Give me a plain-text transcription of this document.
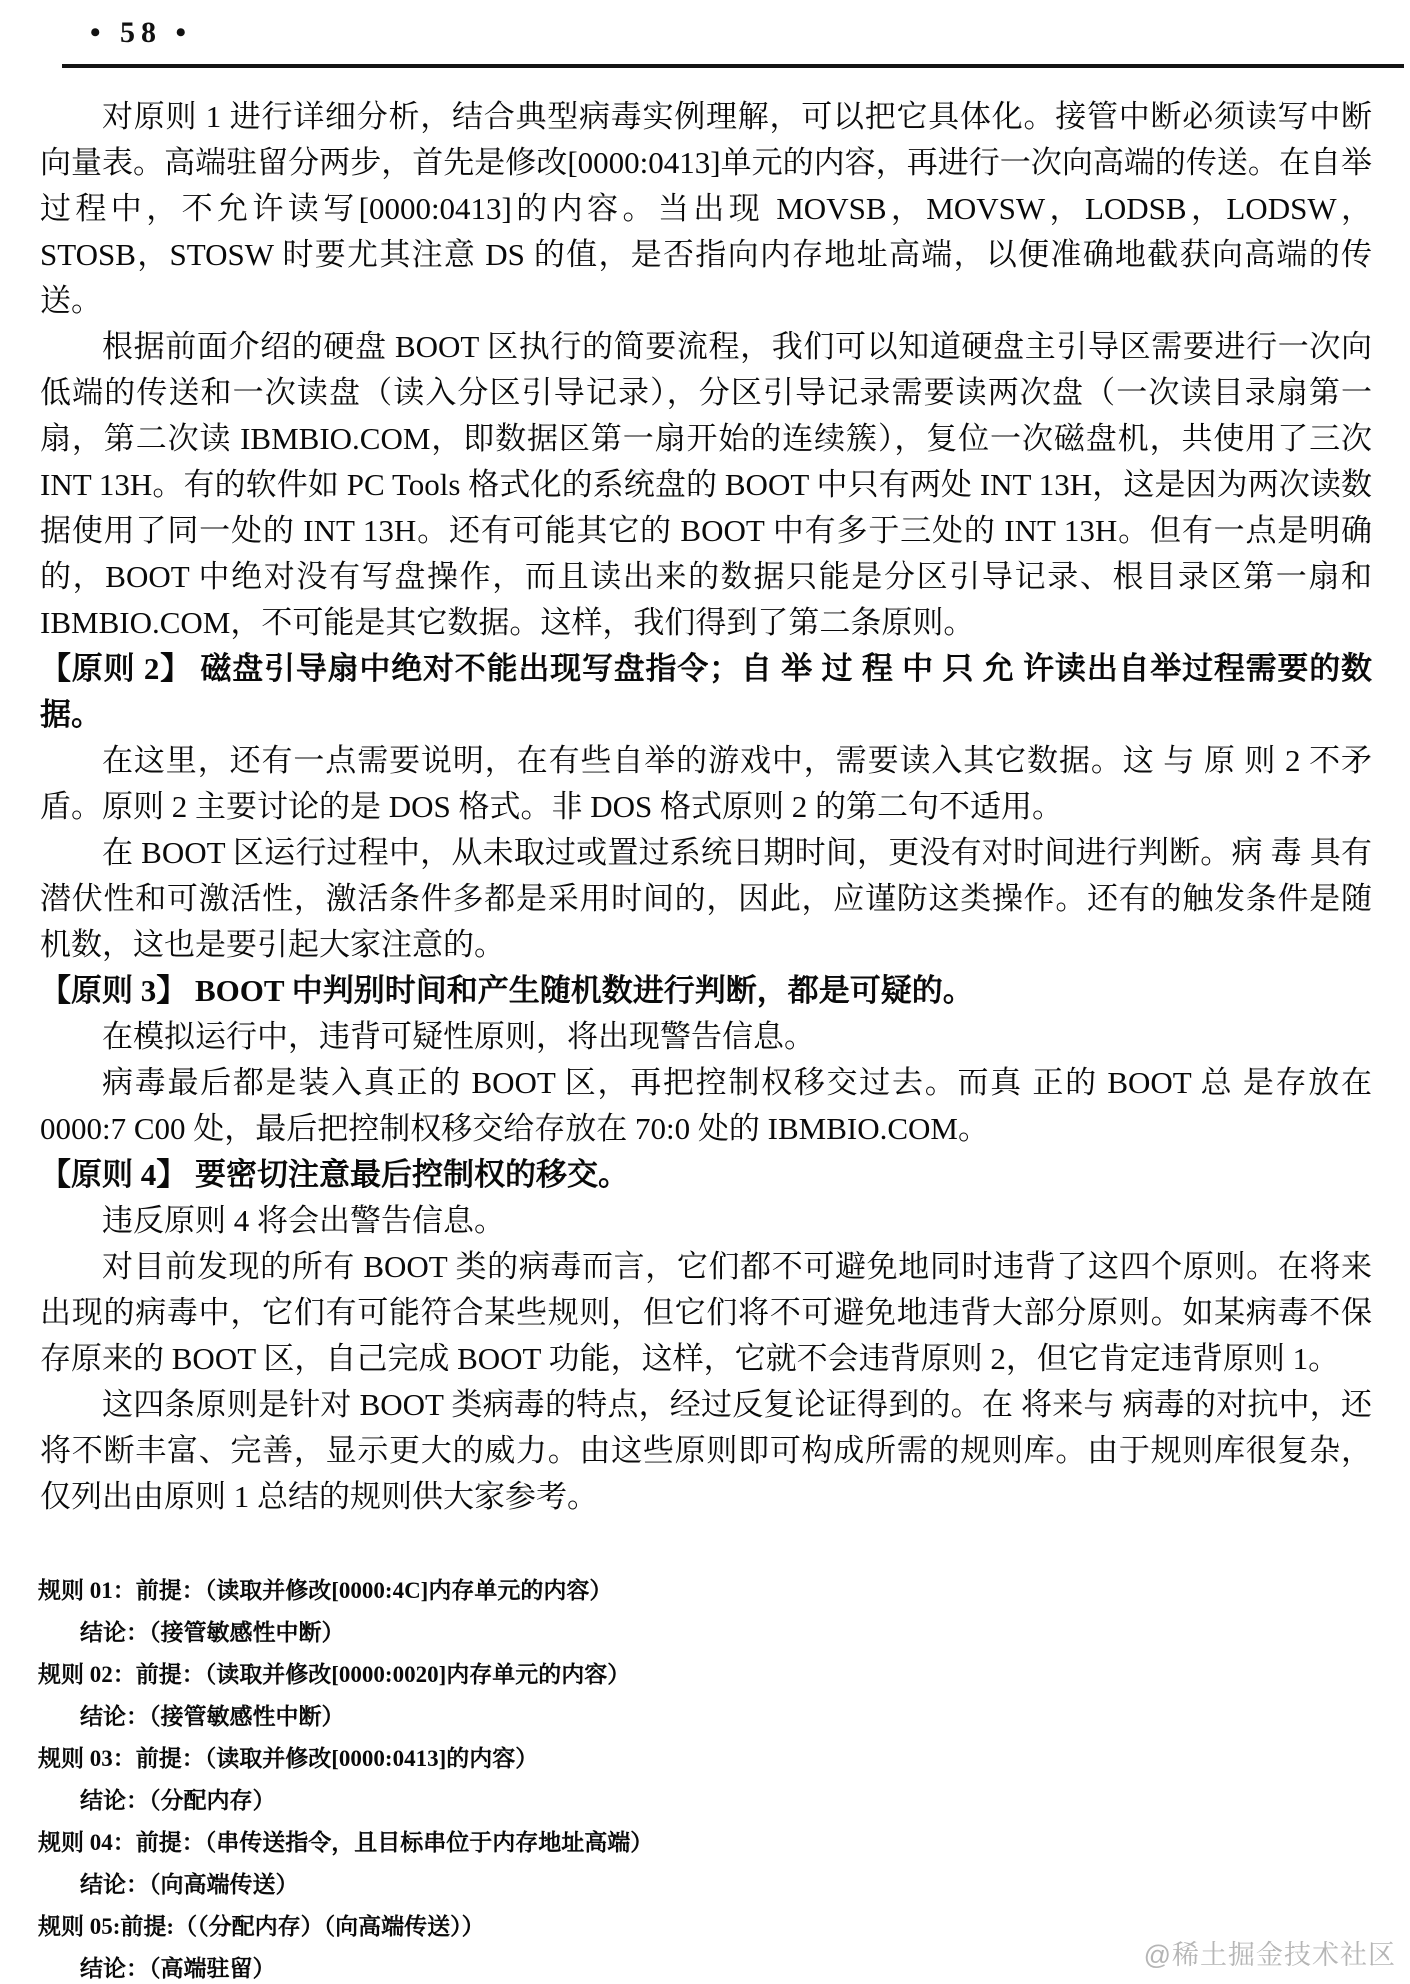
• 58 •

对原则 1 进行详细分析，结合典型病毒实例理解，可以把它具体化。接管中断必须读写中断向量表。高端驻留分两步，首先是修改[0000:0413]单元的内容，再进行一次向高端的传送。在自举过程中，不允许读写[0000:0413]的内容。当出现 MOVSB，MOVSW，LODSB，LODSW，STOSB，STOSW 时要尤其注意 DS 的值，是否指向内存地址高端，以便准确地截获向高端的传送。

根据前面介绍的硬盘 BOOT 区执行的简要流程，我们可以知道硬盘主引导区需要进行一次向低端的传送和一次读盘（读入分区引导记录），分区引导记录需要读两次盘（一次读目录扇第一扇，第二次读 IBMBIO.COM，即数据区第一扇开始的连续簇），复位一次磁盘机，共使用了三次 INT 13H。有的软件如 PC Tools 格式化的系统盘的 BOOT 中只有两处 INT 13H，这是因为两次读数据使用了同一处的 INT 13H。还有可能其它的 BOOT 中有多于三处的 INT 13H。但有一点是明确的，BOOT 中绝对没有写盘操作，而且读出来的数据只能是分区引导记录、根目录区第一扇和 IBMBIO.COM，不可能是其它数据。这样，我们得到了第二条原则。

【原则 2】 磁盘引导扇中绝对不能出现写盘指令；自 举 过 程 中 只 允 许读出自举过程需要的数据。

在这里，还有一点需要说明，在有些自举的游戏中，需要读入其它数据。这 与 原 则 2 不矛盾。原则 2 主要讨论的是 DOS 格式。非 DOS 格式原则 2 的第二句不适用。

在 BOOT 区运行过程中，从未取过或置过系统日期时间，更没有对时间进行判断。病 毒 具有潜伏性和可激活性，激活条件多都是采用时间的，因此，应谨防这类操作。还有的触发条件是随机数，这也是要引起大家注意的。

【原则 3】 BOOT 中判别时间和产生随机数进行判断，都是可疑的。

在模拟运行中，违背可疑性原则，将出现警告信息。

病毒最后都是装入真正的 BOOT 区，再把控制权移交过去。而真 正的 BOOT 总 是存放在 0000:7 C00 处，最后把控制权移交给存放在 70:0 处的 IBMBIO.COM。

【原则 4】 要密切注意最后控制权的移交。

违反原则 4 将会出警告信息。

对目前发现的所有 BOOT 类的病毒而言，它们都不可避免地同时违背了这四个原则。在将来出现的病毒中，它们有可能符合某些规则，但它们将不可避免地违背大部分原则。如某病毒不保存原来的 BOOT 区，自己完成 BOOT 功能，这样，它就不会违背原则 2，但它肯定违背原则 1。

这四条原则是针对 BOOT 类病毒的特点，经过反复论证得到的。在 将来与 病毒的对抗中，还将不断丰富、完善，显示更大的威力。由这些原则即可构成所需的规则库。由于规则库很复杂，仅列出由原则 1 总结的规则供大家参考。

规则 01：前提：（读取并修改[0000:4C]内存单元的内容）
结论：（接管敏感性中断）
规则 02：前提：（读取并修改[0000:0020]内存单元的内容）
结论：（接管敏感性中断）
规则 03：前提：（读取并修改[0000:0413]的内容）
结论：（分配内存）
规则 04：前提：（串传送指令，且目标串位于内存地址高端）
结论：（向高端传送）
规则 05:前提:（（分配内存）（向高端传送））
结论：（高端驻留）	@稀土掘金技术社区
